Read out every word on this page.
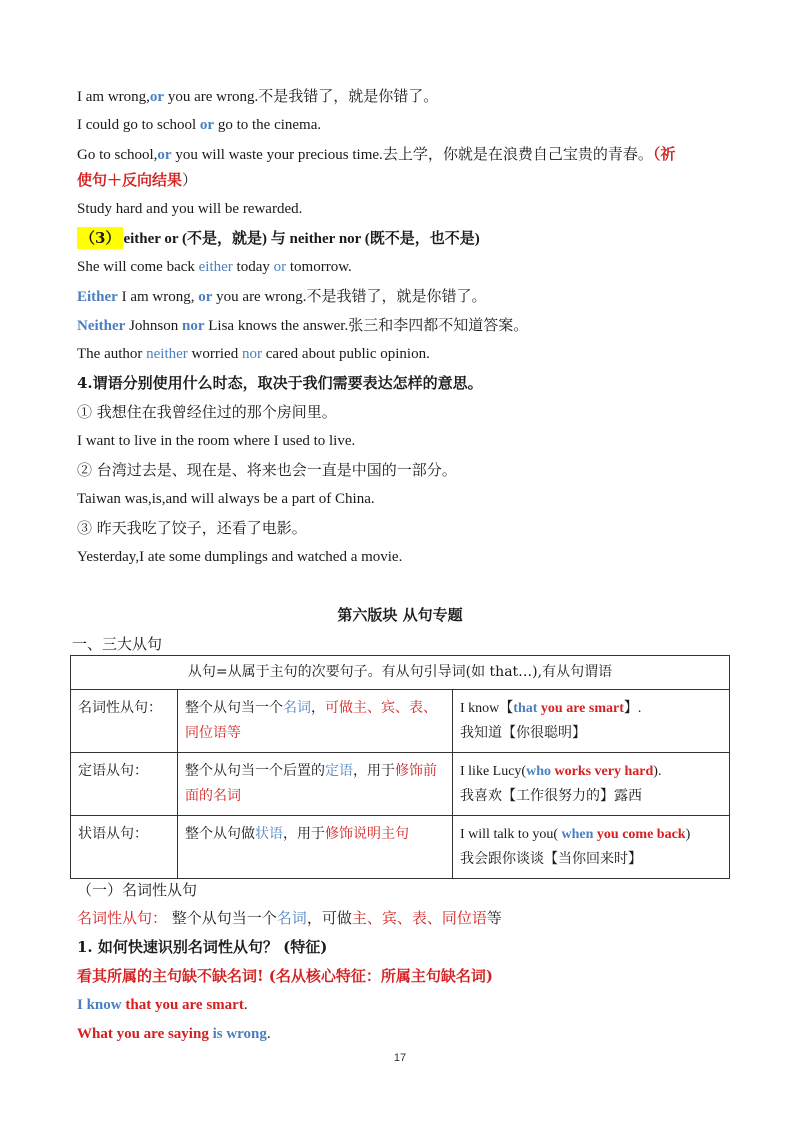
I am wrong,or you are wrong.不是我错了，就是你错了。
I could go to school or go to the cinema.
Go to school,or you will waste your precious time.去上学，你就是在浪费自己宝贵的青春。（祈
使句＋反向结果）
Study hard and you will be rewarded.
（3） either or (不是，就是) 与 neither nor (既不是，也不是)
She will come back either today or tomorrow.
Either I am wrong, or you are wrong.不是我错了，就是你错了。
Neither Johnson nor Lisa knows the answer.张三和李四都不知道答案。
The author neither worried nor cared about public opinion.
4.谓语分别使用什么时态，取决于我们需要表达怎样的意思。
① 我想住在我曾经住过的那个房间里。
I want to live in the room where I used to live.
② 台湾过去是、现在是、将来也会一直是中国的一部分。
Taiwan was,is,and will always be a part of China.
③ 昨天我吃了饺子，还看了电影。
Yesterday,I ate some dumplings and watched a movie.
第六版块 从句专题
一、三大从句
从句=从属于主句的次要句子。有从句引导词(如 that…),有从句谓语		
名词性从句：	整个从句当一个名词，可做主、宾、表、同位语等	I know【that you are smart】.
我知道【你很聪明】
定语从句：	整个从句当一个后置的定语，用于修饰前面的名词	I like Lucy(who works very hard).
我喜欢【工作很努力的】露西
状语从句：	整个从句做状语，用于修饰说明主句	I will talk to you( when you come back)
我会跟你谈谈【当你回来时】
（一）名词性从句
名词性从句： 整个从句当一个名词，可做主、宾、表、同位语等
1. 如何快速识别名词性从句？ (特征)
看其所属的主句缺不缺名词! (名从核心特征：所属主句缺名词)
I know that you are smart.
What you are saying is wrong.
17
